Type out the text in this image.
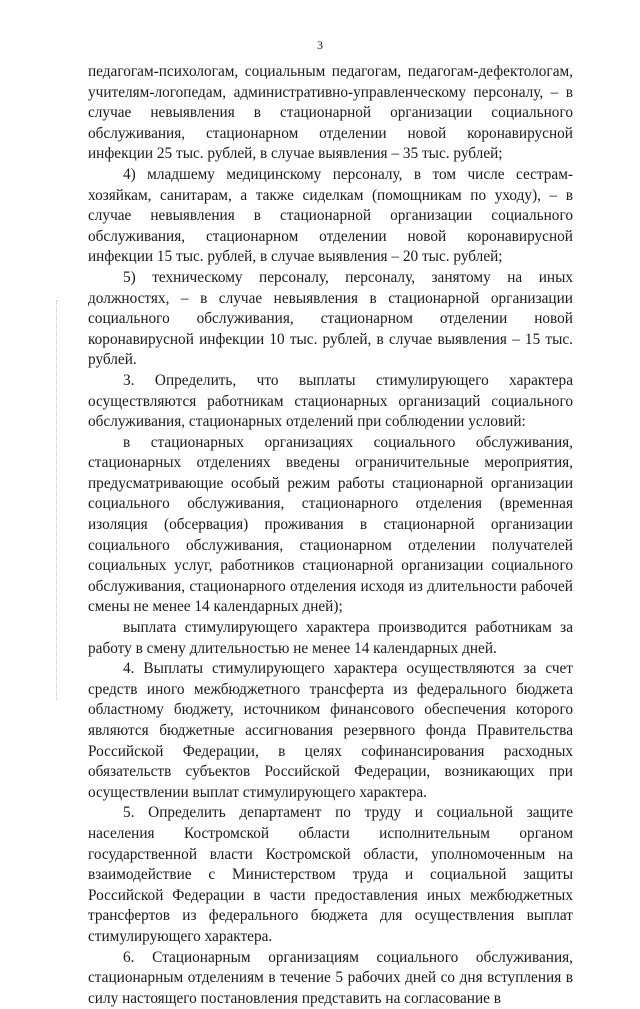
3

педагогам-психологам, социальным педагогам, педагогам-дефектологам, учителям-логопедам, административно-управленческому персоналу, – в случае невыявления в стационарной организации социального обслуживания, стационарном отделении новой коронавирусной инфекции 25 тыс. рублей, в случае выявления – 35 тыс. рублей;

4) младшему медицинскому персоналу, в том числе сестрам-хозяйкам, санитарам, а также сиделкам (помощникам по уходу), – в случае невыявления в стационарной организации социального обслуживания, стационарном отделении новой коронавирусной инфекции 15 тыс. рублей, в случае выявления – 20 тыс. рублей;

5) техническому персоналу, персоналу, занятому на иных должностях, – в случае невыявления в стационарной организации социального обслуживания, стационарном отделении новой коронавирусной инфекции 10 тыс. рублей, в случае выявления – 15 тыс. рублей.

3. Определить, что выплаты стимулирующего характера осуществляются работникам стационарных организаций социального обслуживания, стационарных отделений при соблюдении условий:

в стационарных организациях социального обслуживания, стационарных отделениях введены ограничительные мероприятия, предусматривающие особый режим работы стационарной организации социального обслуживания, стационарного отделения (временная изоляция (обсервация) проживания в стационарной организации социального обслуживания, стационарном отделении получателей социальных услуг, работников стационарной организации социального обслуживания, стационарного отделения исходя из длительности рабочей смены не менее 14 календарных дней);

выплата стимулирующего характера производится работникам за работу в смену длительностью не менее 14 календарных дней.

4. Выплаты стимулирующего характера осуществляются за счет средств иного межбюджетного трансферта из федерального бюджета областному бюджету, источником финансового обеспечения которого являются бюджетные ассигнования резервного фонда Правительства Российской Федерации, в целях софинансирования расходных обязательств субъектов Российской Федерации, возникающих при осуществлении выплат стимулирующего характера.

5. Определить департамент по труду и социальной защите населения Костромской области исполнительным органом государственной власти Костромской области, уполномоченным на взаимодействие с Министерством труда и социальной защиты Российской Федерации в части предоставления иных межбюджетных трансфертов из федерального бюджета для осуществления выплат стимулирующего характера.

6. Стационарным организациям социального обслуживания, стационарным отделениям в течение 5 рабочих дней со дня вступления в силу настоящего постановления представить на согласование в
